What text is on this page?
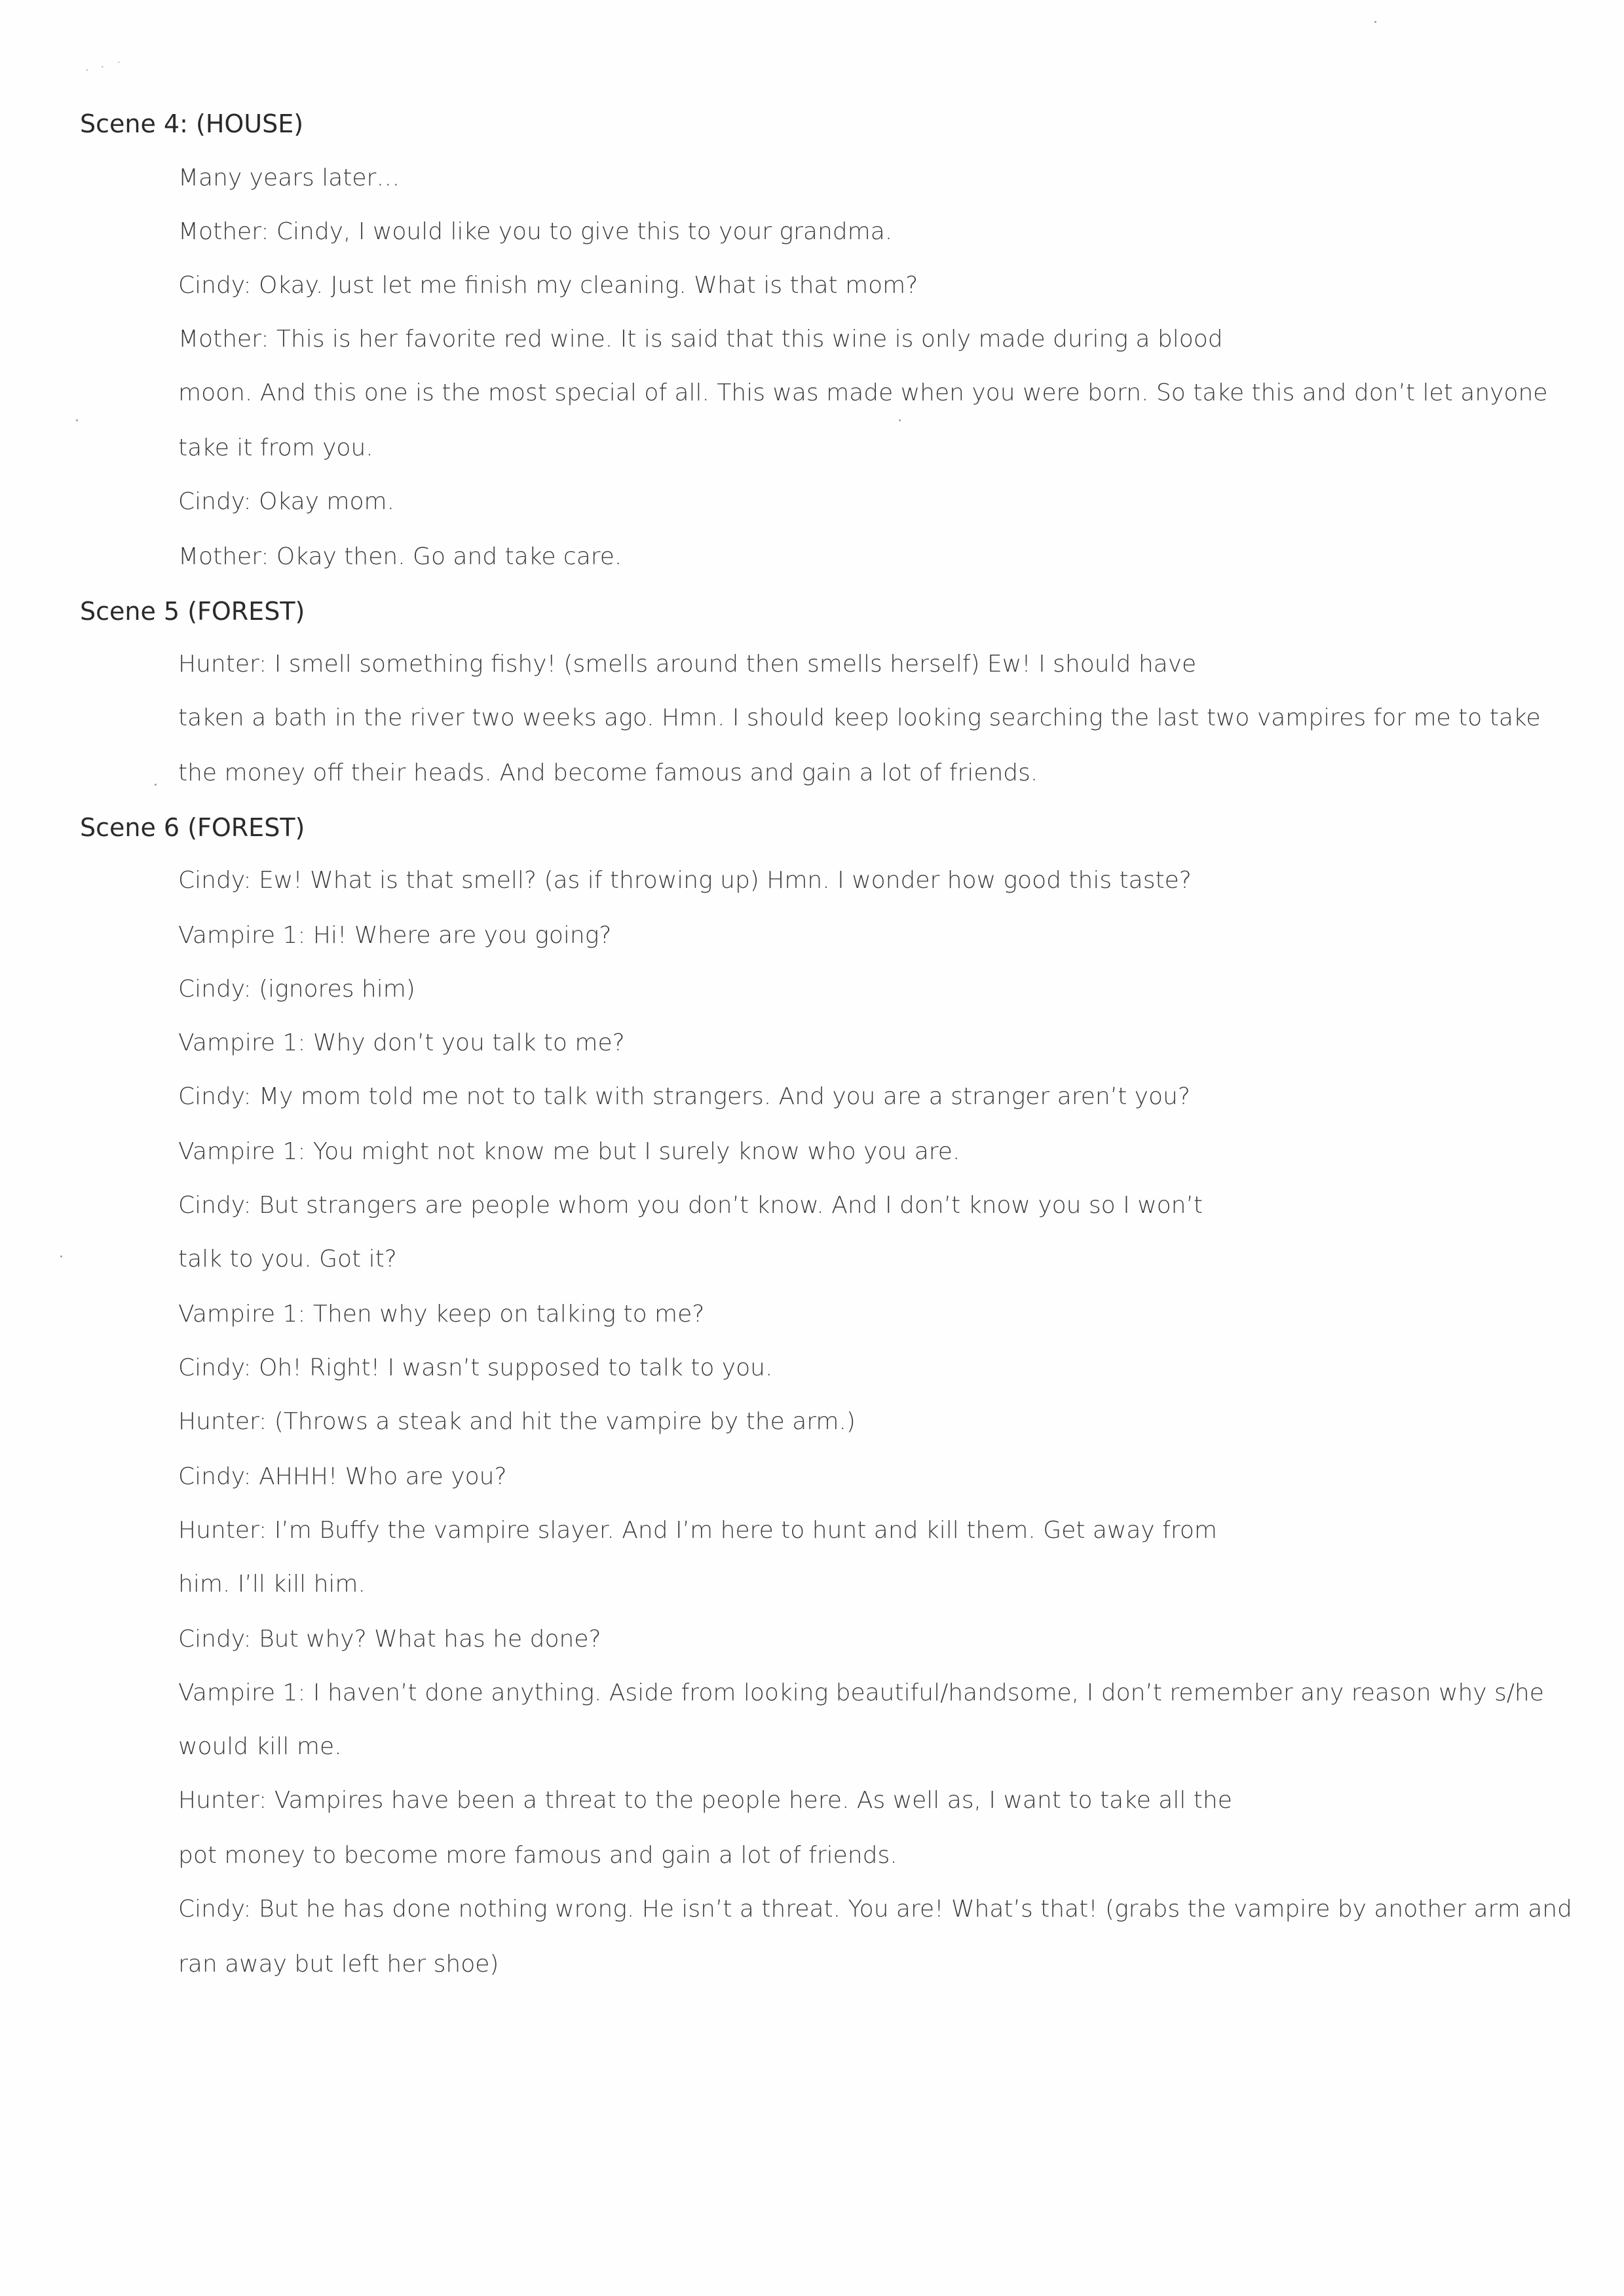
. · ˙
Scene 4: (HOUSE)
Many years later…
Mother: Cindy, I would like you to give this to your grandma.
Cindy: Okay. Just let me finish my cleaning. What is that mom?
Mother: This is her favorite red wine. It is said that this wine is only made during a blood
moon. And this one is the most special of all. This was made when you were born. So take this and don’t let anyone
take it from you.
Cindy: Okay mom.
Mother: Okay then. Go and take care.
Scene 5 (FOREST)
Hunter: I smell something fishy! (smells around then smells herself) Ew! I should have
taken a bath in the river two weeks ago. Hmn. I should keep looking searching the last two vampires for me to take
the money off their heads. And become famous and gain a lot of friends.
Scene 6 (FOREST)
Cindy: Ew! What is that smell? (as if throwing up) Hmn. I wonder how good this taste?
Vampire 1: Hi! Where are you going?
Cindy: (ignores him)
Vampire 1: Why don’t you talk to me?
Cindy: My mom told me not to talk with strangers. And you are a stranger aren’t you?
Vampire 1: You might not know me but I surely know who you are.
Cindy: But strangers are people whom you don’t know. And I don’t know you so I won’t
talk to you. Got it?
Vampire 1: Then why keep on talking to me?
Cindy: Oh! Right! I wasn’t supposed to talk to you.
Hunter: (Throws a steak and hit the vampire by the arm.)
Cindy: AHHH! Who are you?
Hunter: I’m Buffy the vampire slayer. And I’m here to hunt and kill them. Get away from
him. I’ll kill him.
Cindy: But why? What has he done?
Vampire 1: I haven’t done anything. Aside from looking beautiful/handsome, I don’t remember any reason why s/he
would kill me.
Hunter: Vampires have been a threat to the people here. As well as, I want to take all the
pot money to become more famous and gain a lot of friends.
Cindy: But he has done nothing wrong. He isn’t a threat. You are! What’s that! (grabs the vampire by another arm and
ran away but left her shoe)
